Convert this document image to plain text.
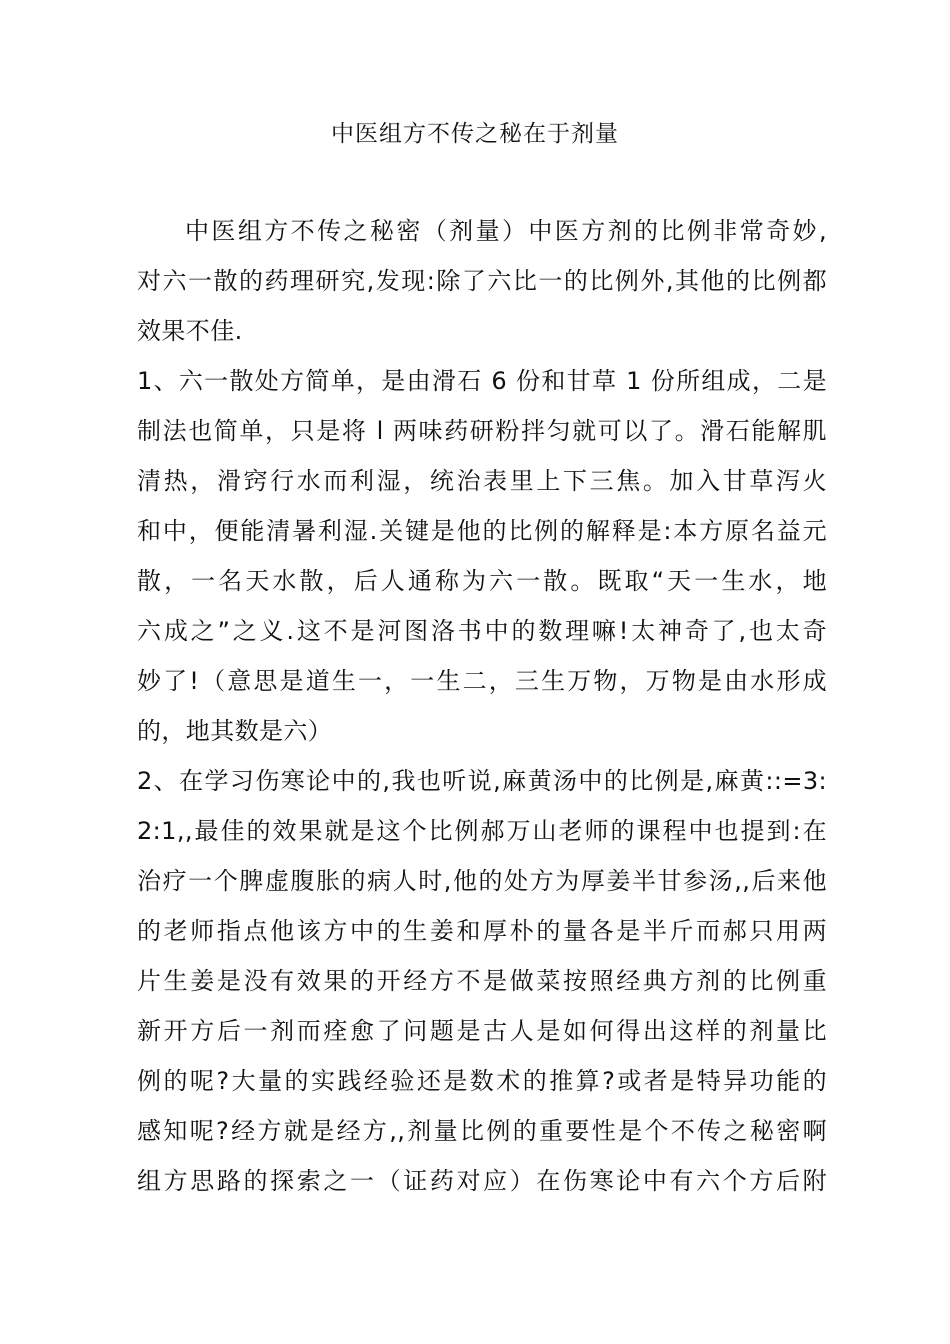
中医组方不传之秘在于剂量
中医组方不传之秘密（剂量）中医方剂的比例非常奇妙,
对六一散的药理研究,发现:除了六比一的比例外,其他的比例都
效果不佳.
1、六一散处方简单，是由滑石 6 份和甘草 1 份所组成，二是
制法也简单，只是将 l 两味药研粉拌匀就可以了。滑石能解肌
清热，滑窍行水而利湿，统治表里上下三焦。加入甘草泻火
和中，便能清暑利湿.关键是他的比例的解释是:本方原名益元
散，一名天水散，后人通称为六一散。既取“天一生水，地
六成之”之义.这不是河图洛书中的数理嘛!太神奇了,也太奇
妙了!（意思是道生一，一生二，三生万物，万物是由水形成
的，地其数是六）
2、在学习伤寒论中的,我也听说,麻黄汤中的比例是,麻黄::=3:
2:1,,最佳的效果就是这个比例郝万山老师的课程中也提到:在
治疗一个脾虚腹胀的病人时,他的处方为厚姜半甘参汤,,后来他
的老师指点他该方中的生姜和厚朴的量各是半斤而郝只用两
片生姜是没有效果的开经方不是做菜按照经典方剂的比例重
新开方后一剂而痊愈了问题是古人是如何得出这样的剂量比
例的呢?大量的实践经验还是数术的推算?或者是特异功能的
感知呢?经方就是经方,,剂量比例的重要性是个不传之秘密啊
组方思路的探索之一（证药对应）在伤寒论中有六个方后附
